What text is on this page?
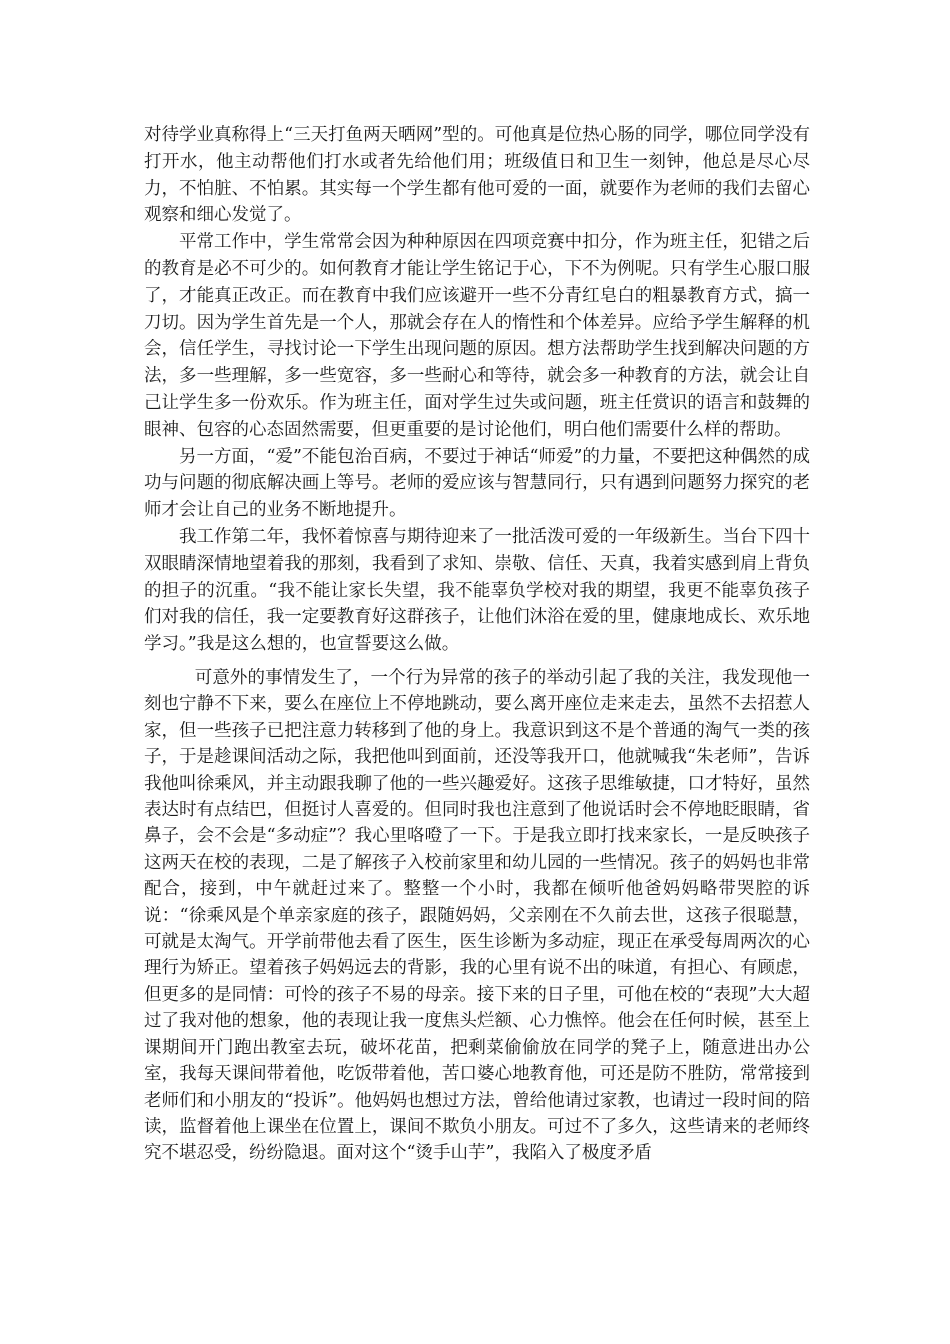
对待学业真称得上“三天打鱼两天晒网”型的。可他真是位热心肠的同学，哪位同学没有打开水，他主动帮他们打水或者先给他们用；班级值日和卫生一刻钟，他总是尽心尽力，不怕脏、不怕累。其实每一个学生都有他可爱的一面，就要作为老师的我们去留心观察和细心发觉了。

平常工作中，学生常常会因为种种原因在四项竞赛中扣分，作为班主任，犯错之后的教育是必不可少的。如何教育才能让学生铭记于心，下不为例呢。只有学生心服口服了，才能真正改正。而在教育中我们应该避开一些不分青红皂白的粗暴教育方式，搞一刀切。因为学生首先是一个人，那就会存在人的惰性和个体差异。应给予学生解释的机会，信任学生，寻找讨论一下学生出现问题的原因。想方法帮助学生找到解决问题的方法，多一些理解，多一些宽容，多一些耐心和等待，就会多一种教育的方法，就会让自己让学生多一份欢乐。作为班主任，面对学生过失或问题，班主任赏识的语言和鼓舞的眼神、包容的心态固然需要，但更重要的是讨论他们，明白他们需要什么样的帮助。

另一方面，“爱”不能包治百病，不要过于神话“师爱”的力量，不要把这种偶然的成功与问题的彻底解决画上等号。老师的爱应该与智慧同行，只有遇到问题努力探究的老师才会让自己的业务不断地提升。

我工作第二年，我怀着惊喜与期待迎来了一批活泼可爱的一年级新生。当台下四十双眼睛深情地望着我的那刻，我看到了求知、崇敬、信任、天真，我着实感到肩上背负的担子的沉重。“我不能让家长失望，我不能辜负学校对我的期望，我更不能辜负孩子们对我的信任，我一定要教育好这群孩子，让他们沐浴在爱的里，健康地成长、欢乐地学习。”我是这么想的，也宣誓要这么做。

可意外的事情发生了，一个行为异常的孩子的举动引起了我的关注，我发现他一刻也宁静不下来，要么在座位上不停地跳动，要么离开座位走来走去，虽然不去招惹人家，但一些孩子已把注意力转移到了他的身上。我意识到这不是个普通的淘气一类的孩子，于是趁课间活动之际，我把他叫到面前，还没等我开口，他就喊我“朱老师”，告诉我他叫徐乘风，并主动跟我聊了他的一些兴趣爱好。这孩子思维敏捷，口才特好，虽然表达时有点结巴，但挺讨人喜爱的。但同时我也注意到了他说话时会不停地眨眼睛，省鼻子，会不会是“多动症”？我心里咯噔了一下。于是我立即打找来家长，一是反映孩子这两天在校的表现，二是了解孩子入校前家里和幼儿园的一些情况。孩子的妈妈也非常配合，接到，中午就赶过来了。整整一个小时，我都在倾听他爸妈妈略带哭腔的诉说：“徐乘风是个单亲家庭的孩子，跟随妈妈，父亲刚在不久前去世，这孩子很聪慧，可就是太淘气。开学前带他去看了医生，医生诊断为多动症，现正在承受每周两次的心理行为矫正。望着孩子妈妈远去的背影，我的心里有说不出的味道，有担心、有顾虑，但更多的是同情：可怜的孩子不易的母亲。接下来的日子里，可他在校的“表现”大大超过了我对他的想象，他的表现让我一度焦头烂额、心力憔悴。他会在任何时候，甚至上课期间开门跑出教室去玩，破坏花苗，把剩菜偷偷放在同学的凳子上，随意进出办公室，我每天课间带着他，吃饭带着他，苦口婆心地教育他，可还是防不胜防，常常接到老师们和小朋友的“投诉”。他妈妈也想过方法，曾给他请过家教，也请过一段时间的陪读，监督着他上课坐在位置上，课间不欺负小朋友。可过不了多久，这些请来的老师终究不堪忍受，纷纷隐退。面对这个“烫手山芋”，我陷入了极度矛盾
